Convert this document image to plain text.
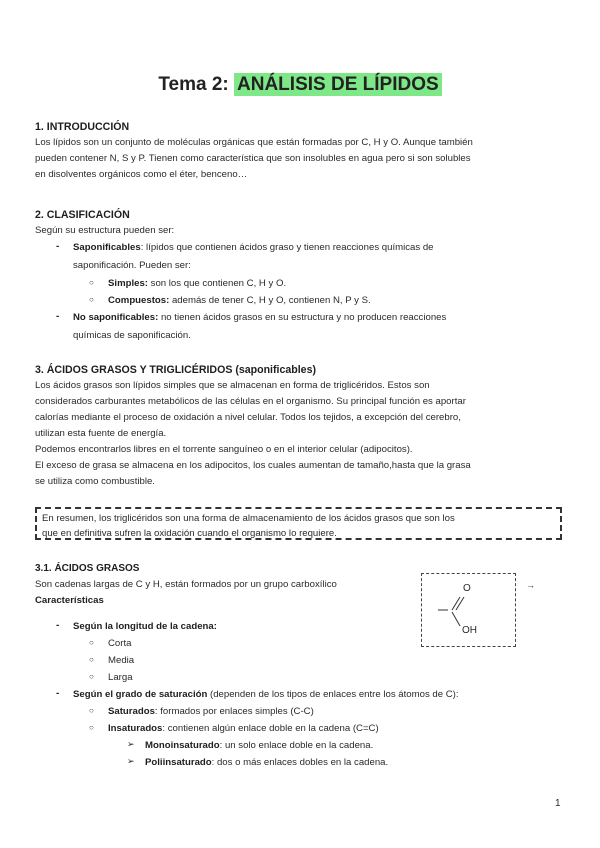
Tema 2: ANÁLISIS DE LÍPIDOS
1. INTRODUCCIÓN
Los lípidos son un conjunto de moléculas orgánicas que están formadas por C, H y O. Aunque también
pueden contener N, S y P. Tienen como característica que son insolubles en agua pero si son solubles
en disolventes orgánicos como el éter, benceno…
2. CLASIFICACIÓN
Según su estructura pueden ser:
- Saponificables: lípidos que contienen ácidos graso y tienen reacciones químicas de
saponificación. Pueden ser:
○ Simples: son los que contienen C, H y O.
○ Compuestos: además de tener C, H y O, contienen N, P y S.
- No saponificables: no tienen ácidos grasos en su estructura y no producen reacciones
químicas de saponificación.
3. ÁCIDOS GRASOS Y TRIGLICÉRIDOS (saponificables)
Los ácidos grasos son lípidos simples que se almacenan en forma de triglicéridos. Estos son
considerados carburantes metabólicos de las células en el organismo. Su principal función es aportar
calorías mediante el proceso de oxidación a nivel celular. Todos los tejidos, a excepción del cerebro,
utilizan esta fuente de energía.
Podemos encontrarlos libres en el torrente sanguíneo o en el interior celular (adipocitos).
El exceso de grasa se almacena en los adipocitos, los cuales aumentan de tamaño,hasta que la grasa
se utiliza como combustible.
En resumen, los triglicéridos son una forma de almacenamiento de los ácidos grasos que son los
que en definitiva sufren la oxidación cuando el organismo lo requiere.
3.1. ÁCIDOS GRASOS
Son cadenas largas de C y H, están formados por un grupo carboxílico
Características
O
OH
→
- Según la longitud de la cadena:
○ Corta
○ Media
○ Larga
- Según el grado de saturación (dependen de los tipos de enlaces entre los átomos de C):
○ Saturados: formados por enlaces simples (C-C)
○ Insaturados: contienen algún enlace doble en la cadena (C=C)
➢ Monoinsaturado: un solo enlace doble en la cadena.
➢ Poliinsaturado: dos o más enlaces dobles en la cadena.
1
